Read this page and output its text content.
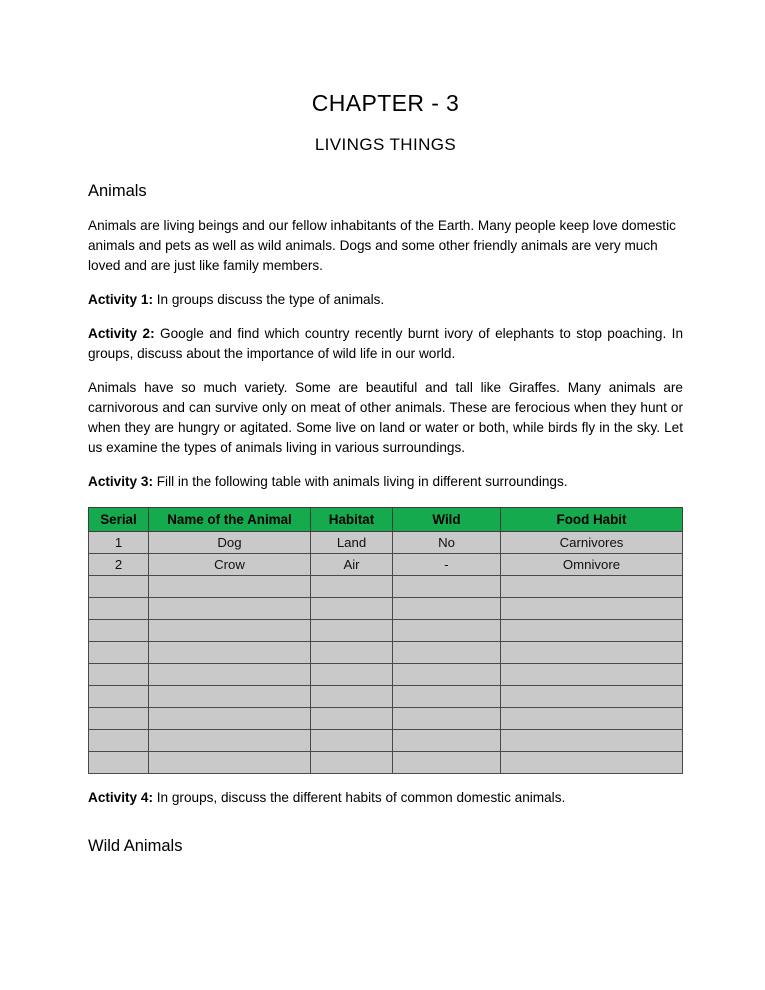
CHAPTER - 3
LIVINGS THINGS
Animals

Animals are living beings and our fellow inhabitants of the Earth. Many people keep love domestic animals and pets as well as wild animals. Dogs and some other friendly animals are very much loved and are just like family members.

Activity 1: In groups discuss the type of animals.

Activity 2: Google and find which country recently burnt ivory of elephants to stop poaching. In groups, discuss about the importance of wild life in our world.

Animals have so much variety. Some are beautiful and tall like Giraffes. Many animals are carnivorous and can survive only on meat of other animals. These are ferocious when they hunt or when they are hungry or agitated. Some live on land or water or both, while birds fly in the sky. Let us examine the types of animals living in various surroundings.

Activity 3: Fill in the following table with animals living in different surroundings.

Serial	Name of the Animal	Habitat	Wild	Food Habit
1	Dog	Land	No	Carnivores
2	Crow	Air	-	Omnivore

Activity 4: In groups, discuss the different habits of common domestic animals.

Wild Animals
